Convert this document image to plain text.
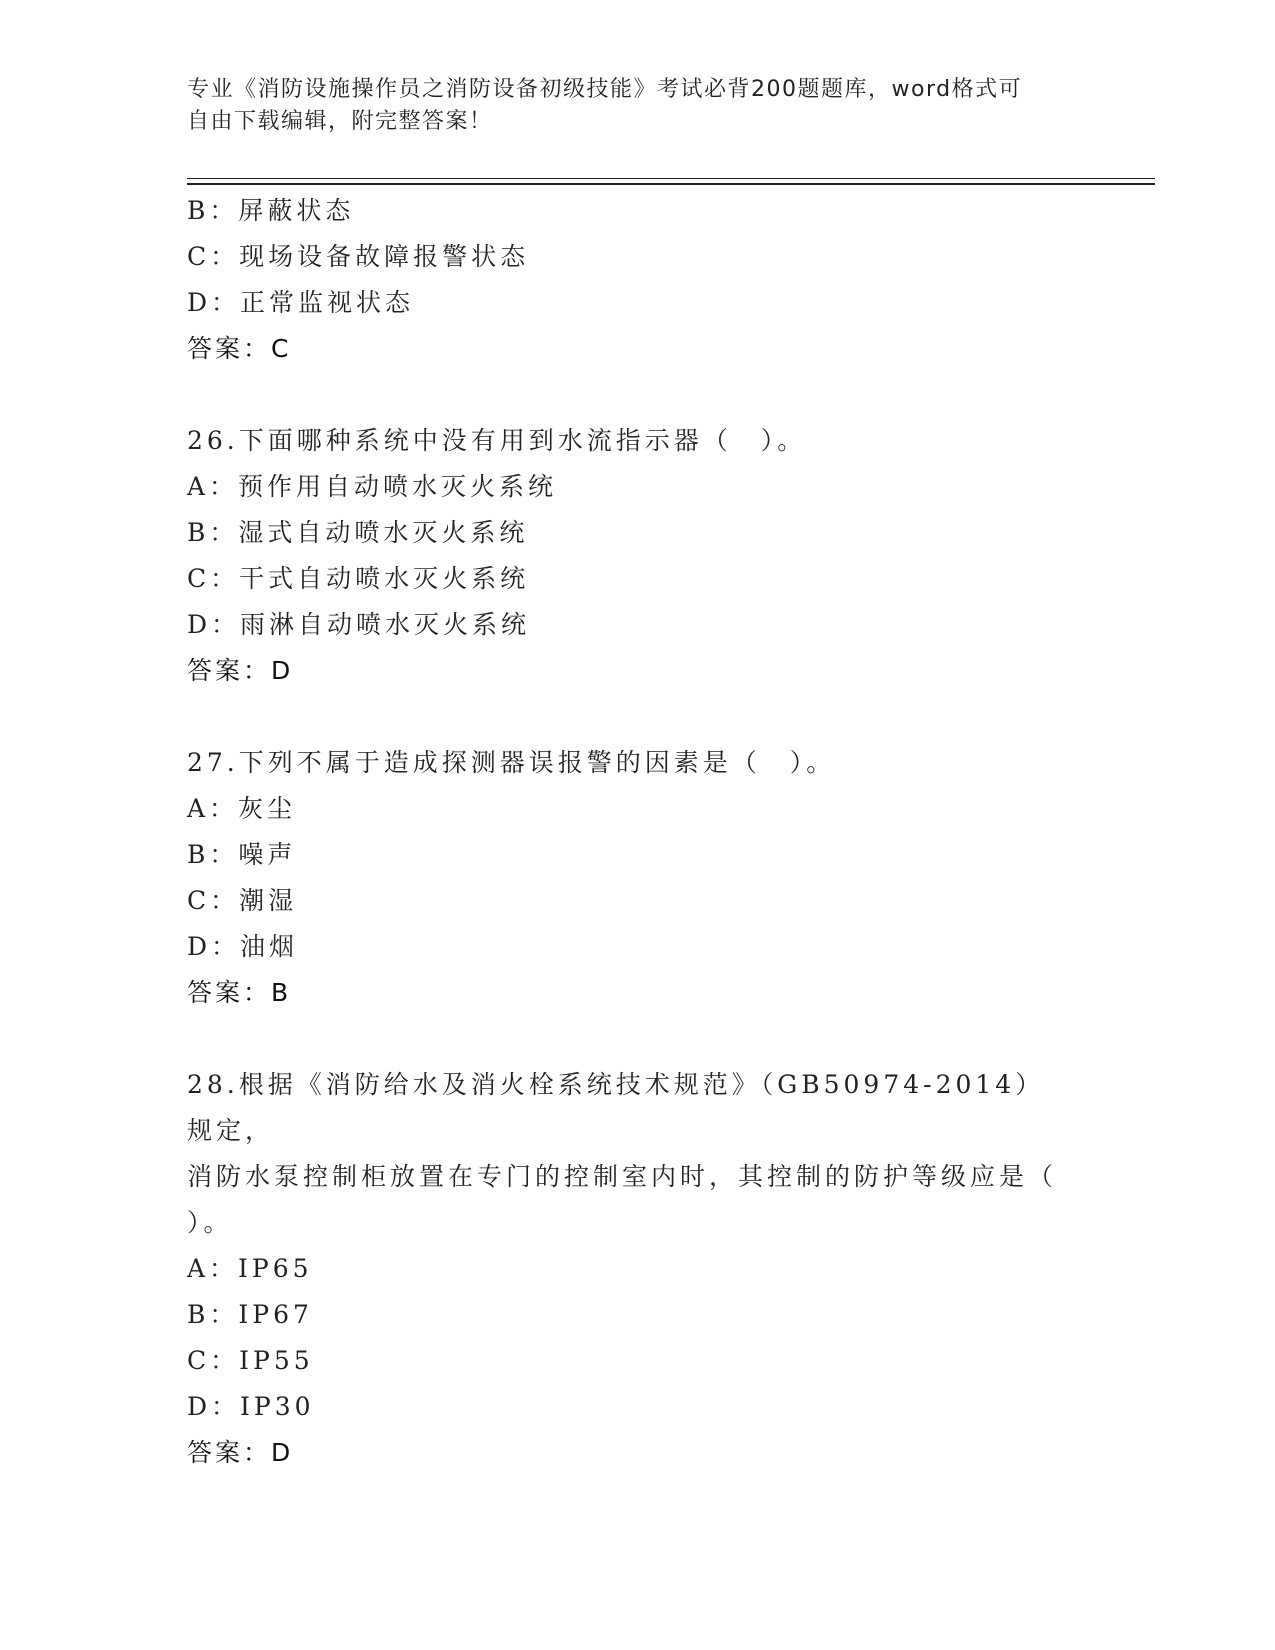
专业《消防设施操作员之消防设备初级技能》考试必背200题题库，word格式可
自由下载编辑，附完整答案！
B：屏蔽状态
C：现场设备故障报警状态
D：正常监视状态
答案：C
26.下面哪种系统中没有用到水流指示器（　）。
A：预作用自动喷水灭火系统
B：湿式自动喷水灭火系统
C：干式自动喷水灭火系统
D：雨淋自动喷水灭火系统
答案：D
27.下列不属于造成探测器误报警的因素是（　）。
A：灰尘
B：噪声
C：潮湿
D：油烟
答案：B
28.根据《消防给水及消火栓系统技术规范》（GB50974-2014）规定，
消防水泵控制柜放置在专门的控制室内时，其控制的防护等级应是（
）。
A：IP65
B：IP67
C：IP55
D：IP30
答案：D
